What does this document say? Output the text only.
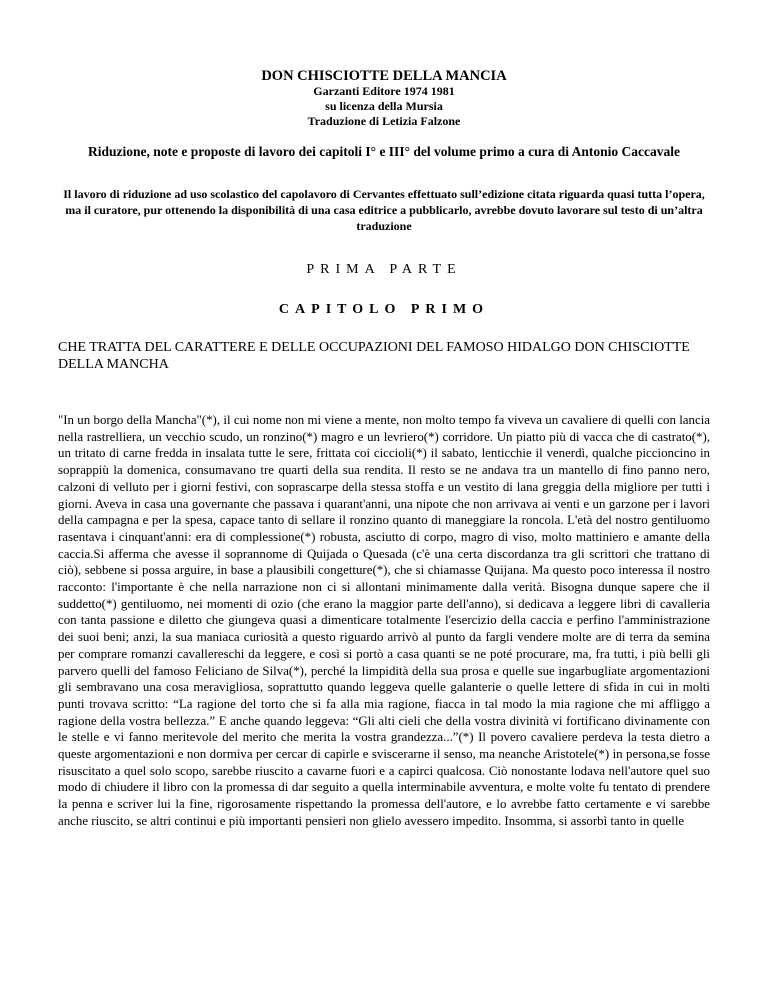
DON CHISCIOTTE DELLA MANCIA
Garzanti Editore 1974 1981
su licenza della Mursia
Traduzione di Letizia Falzone
Riduzione, note e proposte di lavoro dei capitoli I° e III° del volume primo a cura di Antonio Caccavale
Il lavoro di riduzione ad uso scolastico del capolavoro di Cervantes effettuato sull’edizione citata riguarda quasi tutta l’opera, ma il curatore, pur ottenendo la disponibilità di una casa editrice a pubblicarlo, avrebbe dovuto lavorare sul testo di un’altra traduzione
PRIMA PARTE
CAPITOLO PRIMO
CHE TRATTA DEL CARATTERE E DELLE OCCUPAZIONI DEL FAMOSO HIDALGO DON CHISCIOTTE DELLA MANCHA

"In un borgo della Mancha"(*), il cui nome non mi viene a mente, non molto tempo fa viveva un cavaliere di quelli con lancia nella rastrelliera, un vecchio scudo, un ronzino(*) magro e un levriero(*) corridore. Un piatto più di vacca che di castrato(*), un tritato di carne fredda in insalata tutte le sere, frittata coi ciccioli(*) il sabato, lenticchie il venerdì, qualche piccioncino in soprappiù la domenica, consumavano tre quarti della sua rendita. Il resto se ne andava tra un mantello di fino panno nero, calzoni di velluto per i giorni festivi, con soprascarpe della stessa stoffa e un vestito di lana greggia della migliore per tutti i giorni. Aveva in casa una governante che passava i quarant'anni, una nipote che non arrivava ai venti e un garzone per i lavori della campagna e per la spesa, capace tanto di sellare il ronzino quanto di maneggiare la roncola. L'età del nostro gentiluomo rasentava i cinquant'anni: era di complessione(*) robusta, asciutto di corpo, magro di viso, molto mattiniero e amante della caccia.Si afferma che avesse il soprannome di Quijada o Quesada (c'è una certa discordanza tra gli scrittori che trattano di ciò), sebbene si possa arguire, in base a plausibili congetture(*), che si chiamasse Quijana. Ma questo poco interessa il nostro racconto: l'importante è che nella narrazione non ci si allontani minimamente dalla verità. Bisogna dunque sapere che il suddetto(*) gentiluomo, nei momenti di ozio (che erano la maggior parte dell'anno), si dedicava a leggere libri di cavalleria con tanta passione e diletto che giungeva quasi a dimenticare totalmente l'esercizio della caccia e perfino l'amministrazione dei suoi beni; anzi, la sua maniaca curiosità a questo riguardo arrivò al punto da fargli vendere molte are di terra da semina per comprare romanzi cavallereschi da leggere, e così si portò a casa quanti se ne poté procurare, ma, fra tutti, i più belli gli parvero quelli del famoso Feliciano de Silva(*), perché la limpidità della sua prosa e quelle sue ingarbugliate argomentazioni gli sembravano una cosa meravigliosa, soprattutto quando leggeva quelle galanterie o quelle lettere di sfida in cui in molti punti trovava scritto: “La ragione del torto che si fa alla mia ragione, fiacca in tal modo la mia ragione che mi affliggo a ragione della vostra bellezza.” E anche quando leggeva: “Gli alti cieli che della vostra divinità vi fortificano divinamente con le stelle e vi fanno meritevole del merito che merita la vostra grandezza...”(*) Il povero cavaliere perdeva la testa dietro a queste argomentazioni e non dormiva per cercar di capirle e sviscerarne il senso, ma neanche Aristotele(*) in persona,se fosse risuscitato a quel solo scopo, sarebbe riuscito a cavarne fuori e a capirci qualcosa. Ciò nonostante lodava nell'autore quel suo modo di chiudere il libro con la promessa di dar seguito a quella interminabile avventura, e molte volte fu tentato di prendere la penna e scriver lui la fine, rigorosamente rispettando la promessa dell'autore, e lo avrebbe fatto certamente e vi sarebbe anche riuscito, se altri continui e più importanti pensieri non glielo avessero impedito. Insomma, si assorbì tanto in quelle
